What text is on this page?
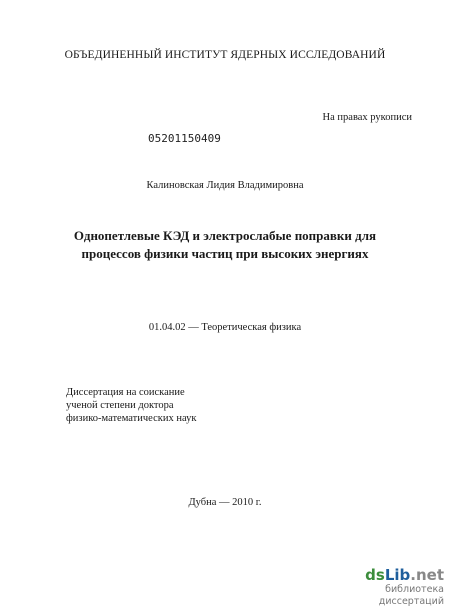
ОБЪЕДИНЕННЫЙ ИНСТИТУТ ЯДЕРНЫХ ИССЛЕДОВАНИЙ
На правах рукописи
05201150409
Калиновская Лидия Владимировна
Однопетлевые КЭД и электрослабые поправки для
процессов физики частиц при высоких энергиях
01.04.02 — Теоретическая физика
Диссертация на соискание
ученой степени доктора
физико-математических наук
Дубна — 2010 г.
dsLib.net
библиотека диссертаций
